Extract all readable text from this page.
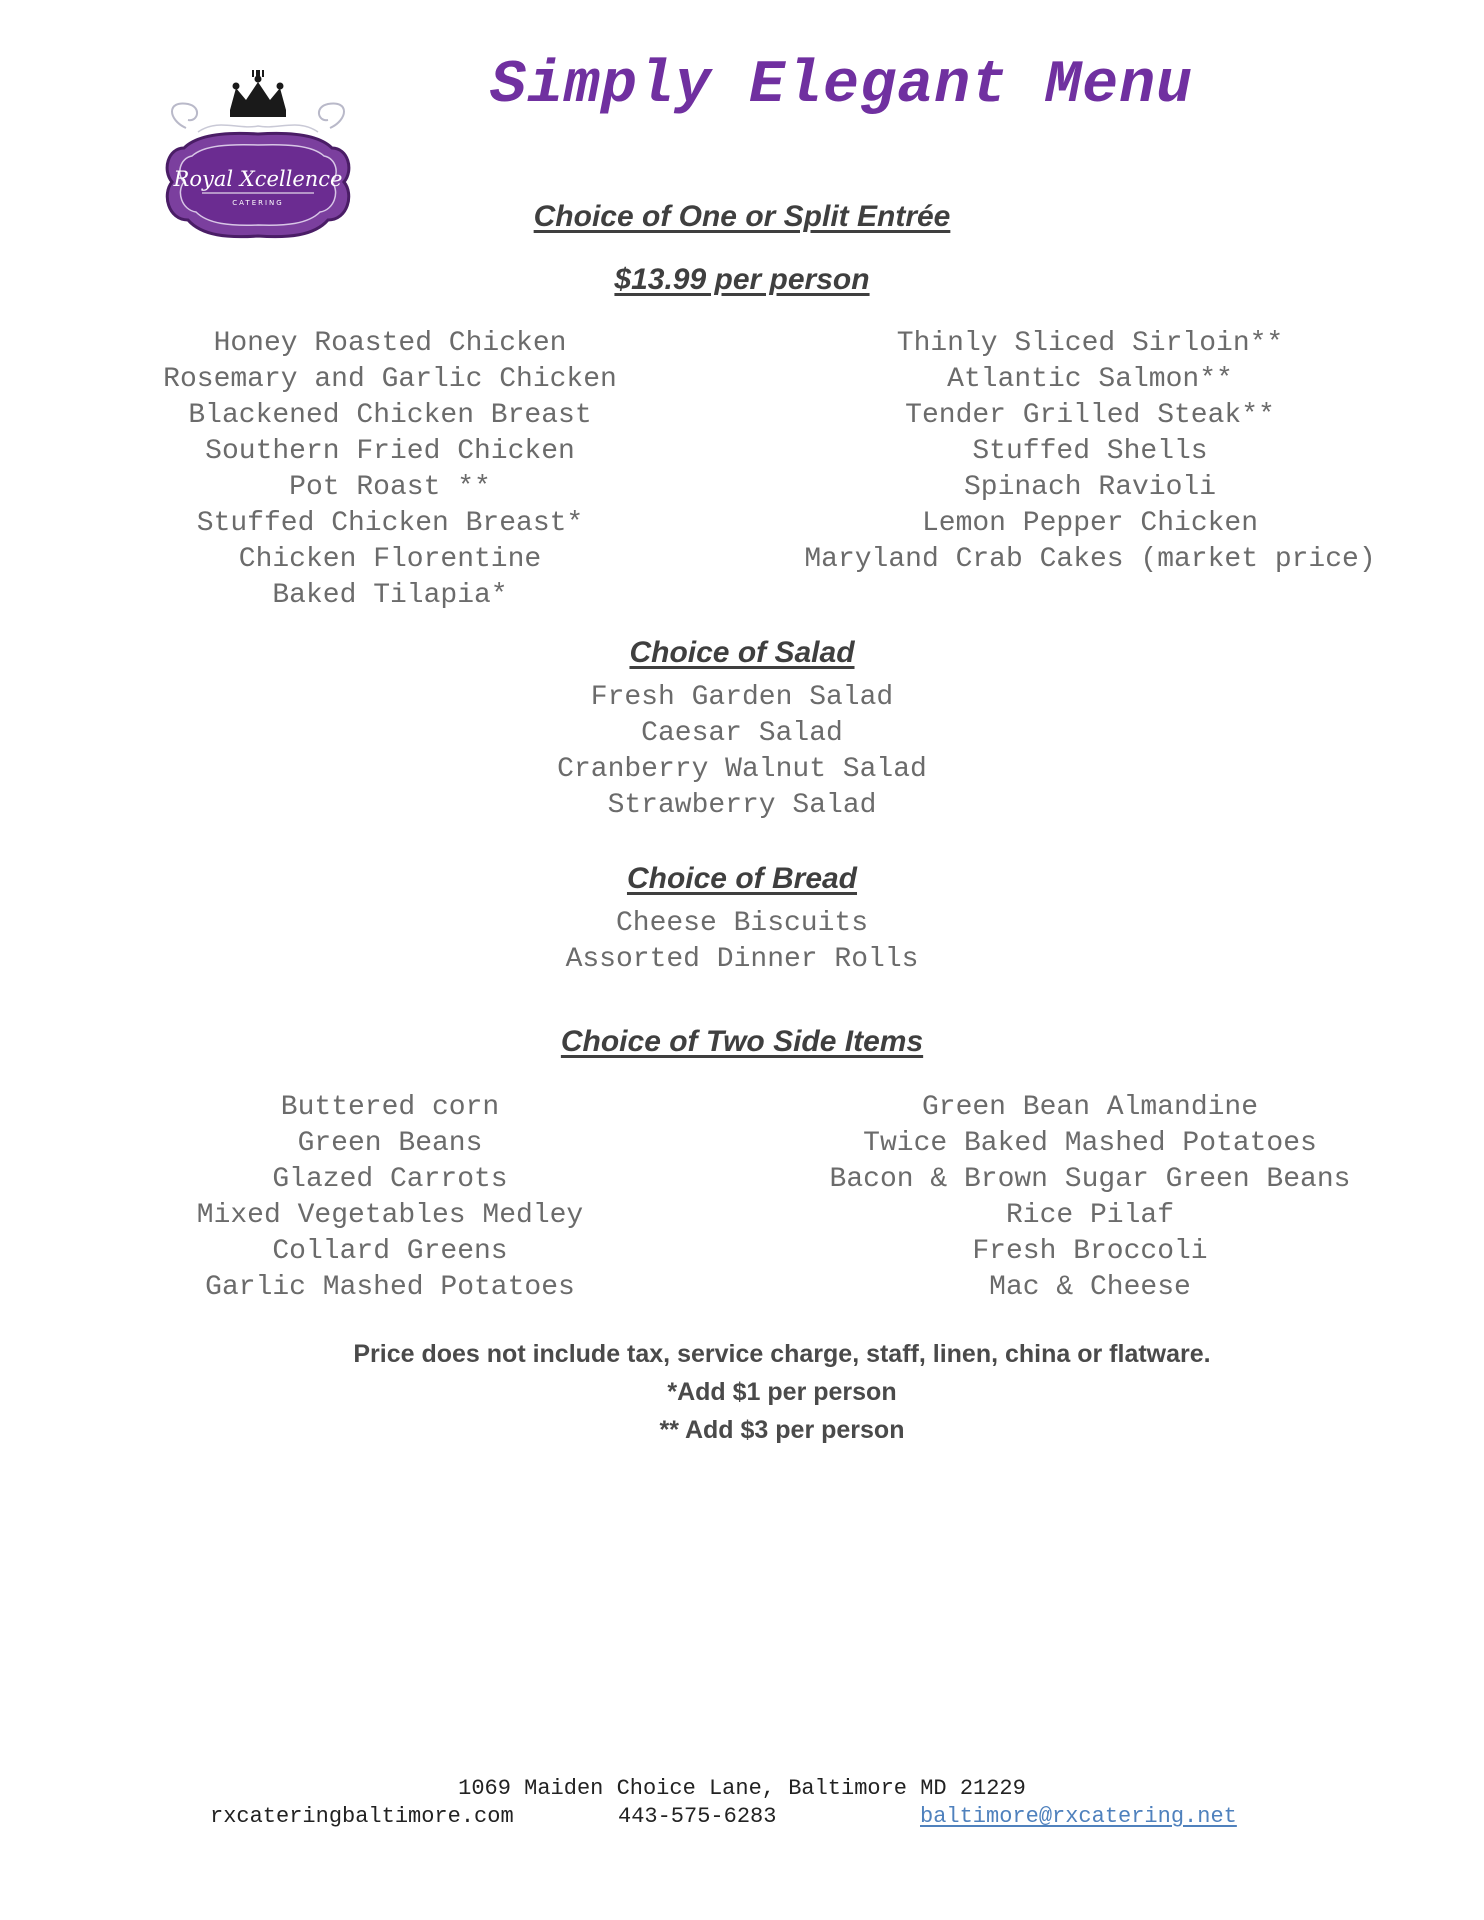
Simply Elegant Menu
Royal Xcellence
CATERING	Choice of One or Split Entrée
$13.99 per person
Honey Roasted Chicken
Rosemary and Garlic Chicken
Blackened Chicken Breast
Southern Fried Chicken
Pot Roast **
Stuffed Chicken Breast*
Chicken Florentine
Baked Tilapia*
Thinly Sliced Sirloin**
Atlantic Salmon**
Tender Grilled Steak**
Stuffed Shells
Spinach Ravioli
Lemon Pepper Chicken
Maryland Crab Cakes (market price)
Choice of Salad
Fresh Garden Salad
Caesar Salad
Cranberry Walnut Salad
Strawberry Salad
Choice of Bread
Cheese Biscuits
Assorted Dinner Rolls
Choice of Two Side Items
Buttered corn
Green Beans
Glazed Carrots
Mixed Vegetables Medley
Collard Greens
Garlic Mashed Potatoes
Green Bean Almandine
Twice Baked Mashed Potatoes
Bacon & Brown Sugar Green Beans
Rice Pilaf
Fresh Broccoli
Mac & Cheese
Price does not include tax, service charge, staff, linen, china or flatware.
*Add $1 per person
** Add $3 per person
1069 Maiden Choice Lane, Baltimore MD 21229
rxcateringbaltimore.com	443-575-6283	baltimore@rxcatering.net
